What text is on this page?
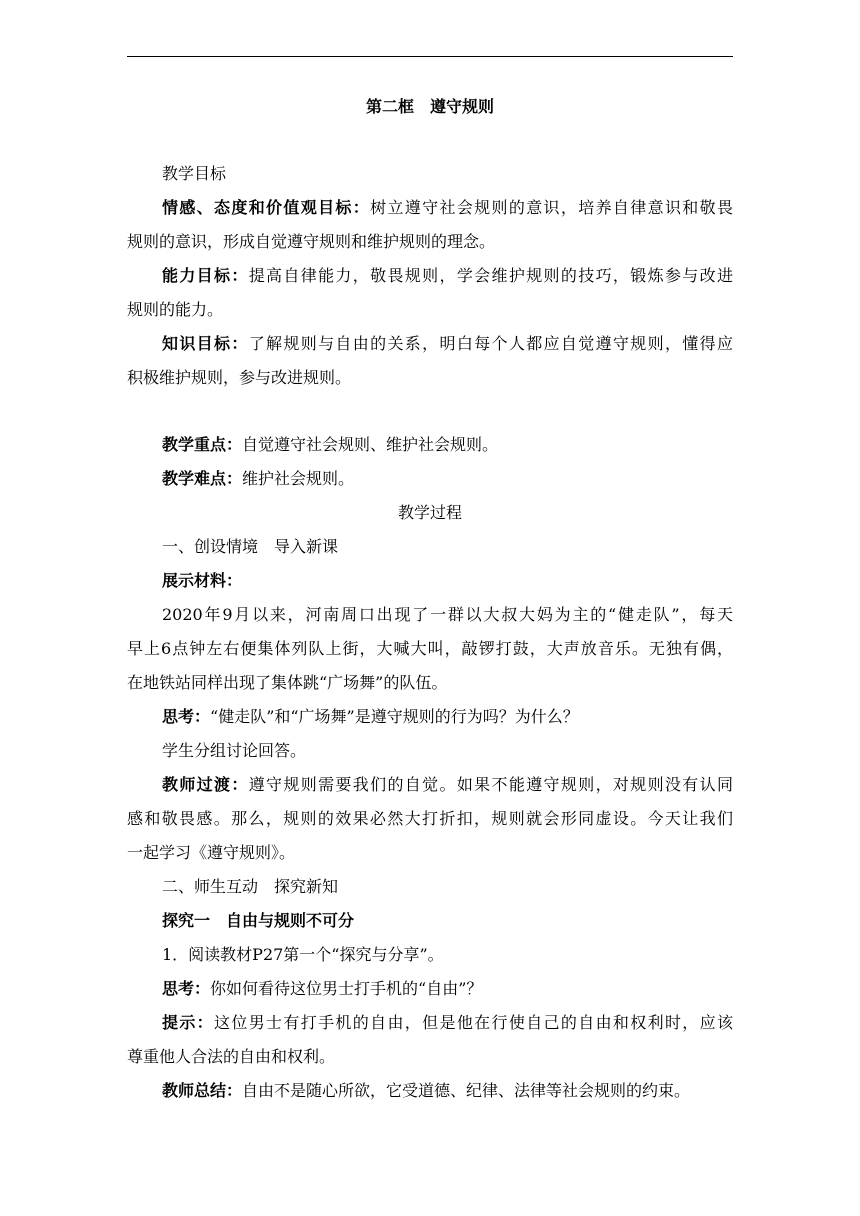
第二框　遵守规则
教学目标
情感、态度和价值观目标：树立遵守社会规则的意识，培养自律意识和敬畏
规则的意识，形成自觉遵守规则和维护规则的理念。
能力目标：提高自律能力，敬畏规则，学会维护规则的技巧，锻炼参与改进
规则的能力。
知识目标：了解规则与自由的关系，明白每个人都应自觉遵守规则，懂得应
积极维护规则，参与改进规则。
教学重点：自觉遵守社会规则、维护社会规则。
教学难点：维护社会规则。
教学过程
一、创设情境　导入新课
展示材料：
2020年9月以来，河南周口出现了一群以大叔大妈为主的“健走队”，每天
早上6点钟左右便集体列队上街，大喊大叫，敲锣打鼓，大声放音乐。无独有偶，
在地铁站同样出现了集体跳“广场舞”的队伍。
思考：“健走队”和“广场舞”是遵守规则的行为吗？为什么？
学生分组讨论回答。
教师过渡：遵守规则需要我们的自觉。如果不能遵守规则，对规则没有认同
感和敬畏感。那么，规则的效果必然大打折扣，规则就会形同虚设。今天让我们
一起学习《遵守规则》。
二、师生互动　探究新知
探究一　自由与规则不可分
1．阅读教材P27第一个“探究与分享”。
思考：你如何看待这位男士打手机的“自由”？
提示：这位男士有打手机的自由，但是他在行使自己的自由和权利时，应该
尊重他人合法的自由和权利。
教师总结：自由不是随心所欲，它受道德、纪律、法律等社会规则的约束。
